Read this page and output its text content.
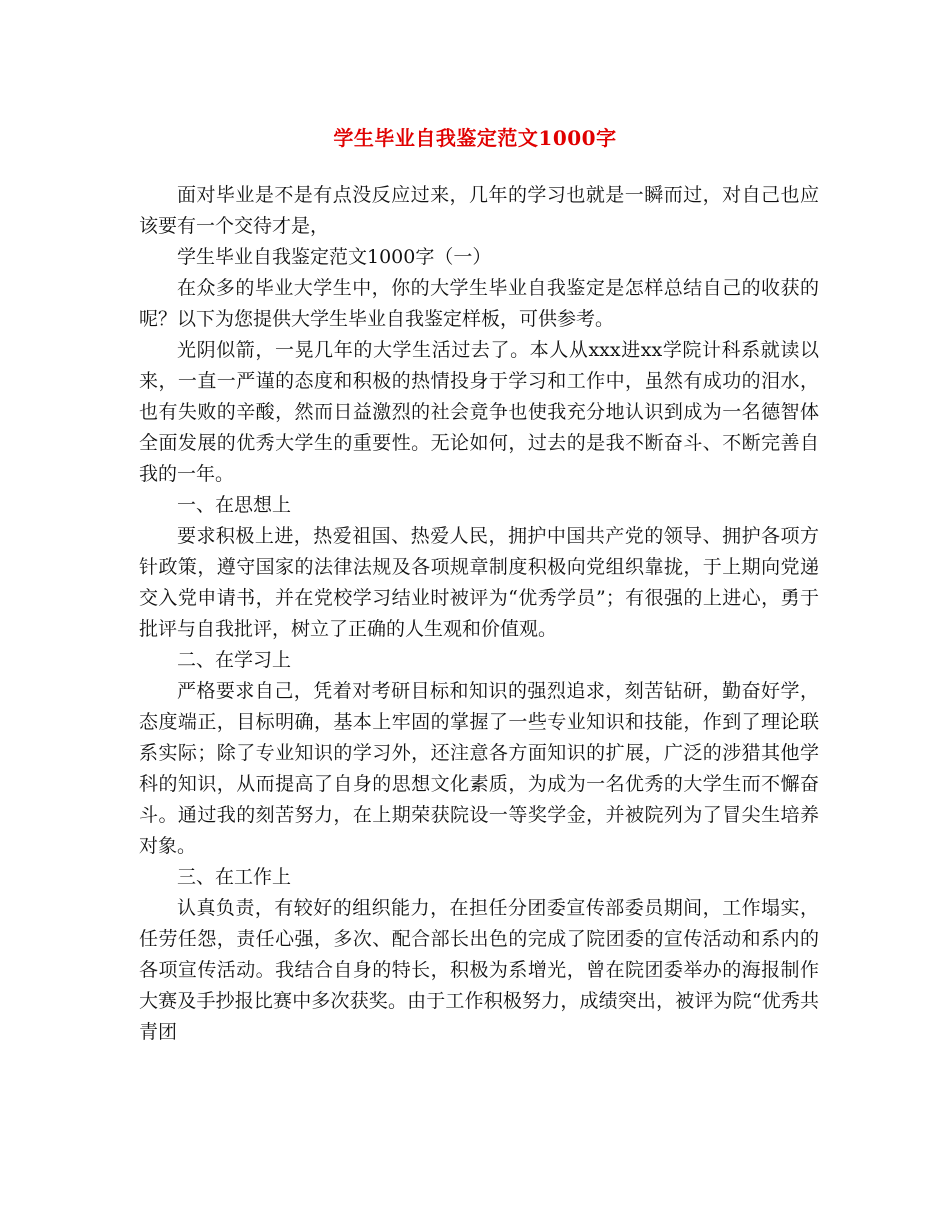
学生毕业自我鉴定范文1000字

面对毕业是不是有点没反应过来，几年的学习也就是一瞬而过，对自己也应该要有一个交待才是，

学生毕业自我鉴定范文1000字（一）

在众多的毕业大学生中，你的大学生毕业自我鉴定是怎样总结自己的收获的呢？以下为您提供大学生毕业自我鉴定样板，可供参考。

光阴似箭，一晃几年的大学生活过去了。本人从xxx进xx学院计科系就读以来，一直一严谨的态度和积极的热情投身于学习和工作中，虽然有成功的泪水，也有失败的辛酸，然而日益激烈的社会竟争也使我充分地认识到成为一名德智体全面发展的优秀大学生的重要性。无论如何，过去的是我不断奋斗、不断完善自我的一年。

一、在思想上

要求积极上进，热爱祖国、热爱人民，拥护中国共产党的领导、拥护各项方针政策，遵守国家的法律法规及各项规章制度积极向党组织靠拢，于上期向党递交入党申请书，并在党校学习结业时被评为“优秀学员”；有很强的上进心，勇于批评与自我批评，树立了正确的人生观和价值观。

二、在学习上

严格要求自己，凭着对考研目标和知识的强烈追求，刻苦钻研，勤奋好学，态度端正，目标明确，基本上牢固的掌握了一些专业知识和技能，作到了理论联系实际；除了专业知识的学习外，还注意各方面知识的扩展，广泛的涉猎其他学科的知识，从而提高了自身的思想文化素质，为成为一名优秀的大学生而不懈奋斗。通过我的刻苦努力，在上期荣获院设一等奖学金，并被院列为了冒尖生培养对象。

三、在工作上

认真负责，有较好的组织能力，在担任分团委宣传部委员期间，工作塌实，任劳任怨，责任心强，多次、配合部长出色的完成了院团委的宣传活动和系内的各项宣传活动。我结合自身的特长，积极为系增光，曾在院团委举办的海报制作大赛及手抄报比赛中多次获奖。由于工作积极努力，成绩突出，被评为院“优秀共青团
